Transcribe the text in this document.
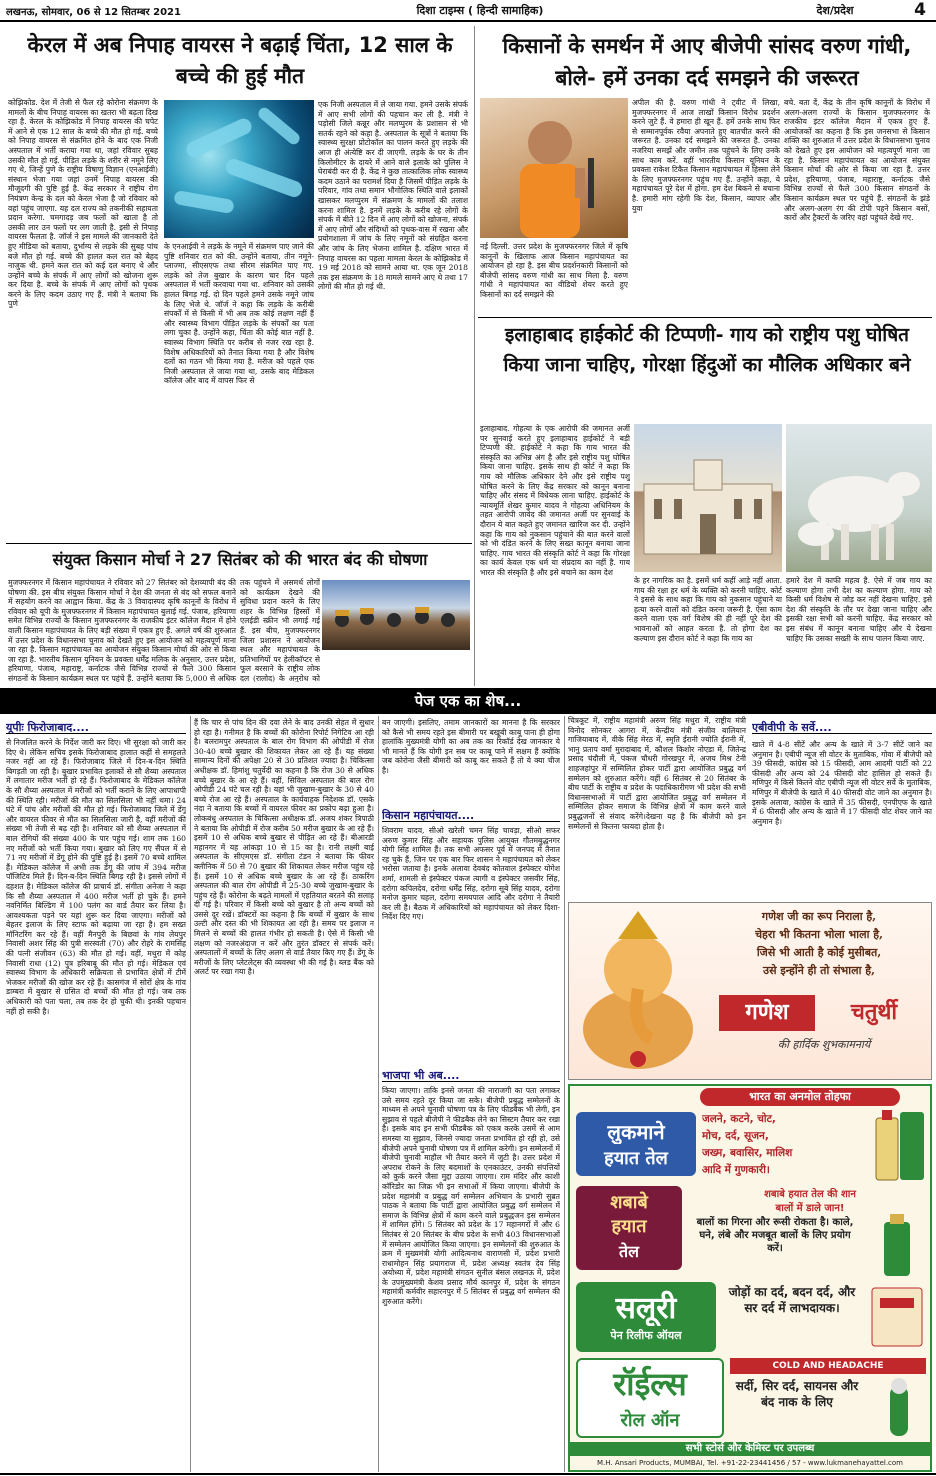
लखनऊ, सोमवार, 06 से 12 सितम्बर 2021	दिशा टाइम्स ( हिन्दी सामाहिक)	देश/प्रदेश	4
केरल में अब निपाह वायरस ने बढ़ाई चिंता, 12 साल के बच्चे की हुई मौत
कोझिकोड. देश में तेजी से फैल रहे कोरोना संक्रमण के मामलों के बीच निपाह वायरस का खतरा भी बढ़ता दिख रहा है. केरल के कोझिकोड में निपाह वायरस की चपेट में आने से एक 12 साल के बच्चे की मौत हो गई. बच्चे को निपाह वायरस से संक्रमित होने के बाद एक निजी अस्पताल में भर्ती कराया गया था, जहां रविवार सुबह उसकी मौत हो गई. पीड़ित लड़के के शरीर से नमूने लिए गए थे, जिन्हें पुणे के राष्ट्रीय विषाणु विज्ञान (एनआईवी) संस्थान भेजा गया जहां उनमें निपाह वायरस की मौजूदगी की पुष्टि हुई है. केंद्र सरकार ने राष्ट्रीय रोग नियंत्रण केन्द्र के दल को केरल भेजा है जो रविवार को वहां पहुंच जाएगा. यह दल राज्य को तकनीकी सहायता प्रदान करेगा. चमगादड़ जब फलों को खाता है तो उसकी लार उन फलों पर लग जाती है. इसी से निपाह वायरस फैलता है. जॉर्ज ने इस मामले की जानकारी देते हुए मीडिया को बताया, दुर्भाग्य से लड़के की सुबह पांच बजे मौत हो गई. बच्चे की हालत कल रात को बेहद नाजुक थी. हमने कल रात को कई दल बनाए थे और उन्होंने बच्चे के संपर्क में आए लोगों को खोजना शुरू कर दिया है. बच्चे के संपर्क में आए लोगों को पृथक करने के लिए कदम उठाए गए हैं. मंत्री ने बताया कि पुणे
के एनआईवी ने लड़के के नमूने में संक्रमण पाए जाने की पुष्टि शनिवार रात को की. उन्होंने बताया, तीन नमूने- प्लाज्मा, सीएसएफ तथा सीरम संक्रमित पाए गए. लड़के को तेज बुखार के कारण चार दिन पहले अस्पताल में भर्ती करवाया गया था. शनिवार को उसकी हालत बिगड़ गई. दो दिन पहले हमने उसके नमूने जांच के लिए भेजे थे. जॉर्ज ने कहा कि लड़के के करीबी संपर्कों में से किसी में भी अब तक कोई लक्षण नहीं हैं और स्वास्थ्य विभाग पीड़ित लड़के के संपर्कों का पता लगा चुका है. उन्होंने कहा, चिंता की कोई बात नहीं है. स्वास्थ्य विभाग स्थिति पर करीब से नजर रख रहा है. विशेष अधिकारियों को तैनात किया गया है और विशेष दलों का गठन भी किया गया है. मरीज को पहले एक निजी अस्पताल ले जाया गया था, उसके बाद मेडिकल कॉलेज और बाद में वापस फिर से
एक निजी अस्पताल में ले जाया गया. हमने उसके संपर्क में आए सभी लोगों की पहचान कर ली है. मंत्री ने पड़ोसी जिले कन्नूर और मलप्पुरम के प्रशासन से भी सतर्क रहने को कहा है. अस्पताल के सूत्रों ने बताया कि स्वास्थ्य सुरक्षा प्रोटोकॉल का पालन करते हुए लड़के की आज ही अंत्येष्टि कर दी जाएगी. लड़के के घर के तीन किलोमीटर के दायरे में आने वाले इलाके को पुलिस ने घेराबंदी कर दी है. केंद्र ने कुछ तात्कालिक लोक स्वास्थ्य कदम उठाने का परामर्श दिया है जिसमें पीड़ित लड़के के परिवार, गांव तथा समान भौगोलिक स्थिति वाले इलाकों खासकर मलप्पुरम में संक्रमण के मामलों की तलाश करना शामिल है. इनमें लड़के के करीब रहे लोगों के संपर्क में बीते 12 दिन में आए लोगों को खोजना, संपर्क में आए लोगों और संदिग्धों को पृथक-वास में रखना और प्रयोगशाला में जांच के लिए नमूनों को संग्रहित करना और जांच के लिए भेजना शामिल है. दक्षिण भारत में निपाह वायरस का पहला मामला केरल के कोझिकोड में 19 मई 2018 को सामने आया था. एक जून 2018 तक इस संक्रमण के 18 मामले सामने आए थे तथा 17 लोगों की मौत हो गई थी.
संयुक्त किसान मोर्चा ने 27 सितंबर को की भारत बंद की घोषणा
मुजफ्फरनगर में किसान महापंचायत ने रविवार को 27 सितंबर को देशव्यापी बंद की घोषणा की. इस बीच संयुक्त किसान मोर्चा ने देश की जनता से बंद को सफल बनाने में सहयोग करने का आह्वान किया. केंद्र के 3 विवादास्पद कृषि कानूनों के विरोध में रविवार को यूपी के मुजफ्फरनगर में किसान महापंचायत बुलाई गई. पंजाब, हरियाणा समेत विभिन्न राज्यों के किसान मुजफ्फरनगर के राजकीय इंटर कॉलेज मैदान में होने वाली किसान महापंचायत के लिए बड़ी संख्या में एकत्र हुए हैं. अगले वर्ष की शुरुआत में उत्तर प्रदेश के विधानसभा चुनाव को देखते हुए इस आयोजन को महत्वपूर्ण माना जा रहा है. किसान महापंचायत का आयोजन संयुक्त किसान मोर्चा की ओर से किया जा रहा है. भारतीय किसान यूनियन के प्रवक्ता धर्मेंद्र मलिक के अनुसार, उत्तर प्रदेश, हरियाणा, पंजाब, महाराष्ट्र, कर्नाटक जैसे विभिन्न राज्यों से फैले 300 किसान संगठनों के किसान कार्यक्रम स्थल पर पहुंचे हैं. उन्होंने बताया कि 5,000 से अधिक
तक पहुंचने में असमर्थ लोगों को कार्यक्रम देखने की सुविधा प्रदान करने के लिए शहर के विभिन्न हिस्सों में एलईडी स्क्रीन भी लगाई गई हैं. इस बीच, मुजफ्फरनगर जिला प्रशासन ने आयोजन स्थल और महापंचायत के प्रतिभागियों पर हेलीकॉप्टर से फूल बरसाने के राष्ट्रीय लोक दल (रालोद) के अनुरोध को
किसानों के समर्थन में आए बीजेपी सांसद वरुण गांधी, बोले- हमें उनका दर्द समझने की जरूरत
नई दिल्ली. उत्तर प्रदेश के मुजफ्फरनगर जिले में कृषि कानूनों के खिलाफ आज किसान महापंचायत का आयोजन हो रहा है. इस बीच प्रदर्शनकारी किसानों को बीजेपी सांसद वरुण गांधी का साथ मिला है. वरुण गांधी ने महापंचायत का वीडियो शेयर करते हुए किसानों का दर्द समझने की
अपील की है. वरुण गांधी ने ट्वीट में लिखा, मुजफ्फरनगर में आज लाखों किसान विरोध प्रदर्शन करने जुटे हैं. वे हमारा ही खून हैं. हमें उनके साथ फिर से सम्मानपूर्वक रवैया अपनाते हुए बातचीत करने की जरूरत है. उनका दर्द समझने की जरूरत है. उनका नजरिया समझें और जमीन तक पहुंचने के लिए उनके साथ काम करें. वहीं भारतीय किसान यूनियन के प्रवक्ता राकेश टिकैत किसान महापंचायत में हिस्सा लेने के लिए मुजफ्फरनगर पहुंच गए हैं. उन्होंने कहा, ये महापंचायत पूरे देश में होगा. हम देश बिकने से बचाना है. हमारी मांग रहेगी कि देश, किसान, व्यापार और युवा
बचे. बता दें, केंद्र के तीन कृषि कानूनों के विरोध में अलग-अलग राज्यों के किसान मुजफ्फरनगर के राजकीय इंटर कॉलेज मैदान में एकत्र हुए हैं. आयोजकों का कहना है कि इस जनसभा से किसान शक्ति का शुरुआत में उत्तर प्रदेश के विधानसभा चुनाव को देखते हुए इस आयोजन को महत्वपूर्ण माना जा रहा है. किसान महापंचायत का आयोजन संयुक्त किसान मोर्चा की ओर से किया जा रहा है. उत्तर प्रदेश, हरियाणा, पंजाब, महाराष्ट्र, कर्नाटक जैसे विभिन्न राज्यों से फैले 300 किसान संगठनों के किसान कार्यक्रम स्थल पर पहुंचे हैं. संगठनों के झंडे और अलग-अलग रंग की टोपी पहने किसान बसों, कारों और ट्रैक्टरों के जरिए वहां पहुंचते देखे गए.
इलाहाबाद हाईकोर्ट की टिप्पणी- गाय को राष्ट्रीय पशु घोषित किया जाना चाहिए, गोरक्षा हिंदुओं का मौलिक अधिकार बने
इलाहाबाद. गोहत्या के एक आरोपी की जमानत अर्जी पर सुनवाई करते हुए इलाहाबाद हाईकोर्ट ने बड़ी टिप्पणी की. हाईकोर्ट ने कहा कि गाय भारत की संस्कृति का अभिन्न अंग है और इसे राष्ट्रीय पशु घोषित किया जाना चाहिए. इसके साथ ही कोर्ट ने कहा कि गाय को मौलिक अधिकार देने और इसे राष्ट्रीय पशु घोषित करने के लिए केंद्र सरकार को कानून बनाना चाहिए और संसद में विधेयक लाना चाहिए. हाईकोर्ट के न्यायमूर्ति शेखर कुमार यादव ने गोहत्या अधिनियम के तहत आरोपी जावेद की जमानत अर्जी पर सुनवाई के दौरान ये बात कहते हुए जमानत खारिज कर दी. उन्होंने कहा कि गाय को नुकसान पहुंचाने की बात करने वालों को भी दंडित करने के लिए सख्त कानून बनाया जाना चाहिए. गाय भारत की संस्कृति कोर्ट ने कहा कि गोरक्षा का कार्य केवल एक धर्म या संप्रदाय का नहीं है. गाय भारत की संस्कृति है और इसे बचाने का काम देश
के हर नागरिक का है. इसमें धर्म कहीं आड़े नहीं आता. गाय की रक्षा हर धर्म के व्यक्ति को करनी चाहिए. कोर्ट ने इससे के साथ कहा कि गाय को नुकसान पहुंचाने या हत्या करने वालों को दंडित करना जरूरी है. ऐसा काम करने वाला एक वर्ग विशेष की ही नहीं पूरे देश की भावनाओं को आहत करता है. तो होगा देश का कल्याण इस दौरान कोर्ट ने कहा कि गाय का
हमारे देश में काफी महत्व है. ऐसे में जब गाय का कल्याण होगा तभी देश का कल्याण होगा. गाय को किसी धर्म विशेष से जोड़ कर नहीं देखना चाहिए. इसे देश की संस्कृति के तौर पर देखा जाना चाहिए और इसकी रक्षा सभी को करनी चाहिए. केंद्र सरकार को इस संबंध में कानून बनाना चाहिए और ये देखना चाहिए कि उसका सख्ती के साथ पालन किया जाए.
पेज एक का शेष...
यूपीः फिरोजाबाद....
से निजलित करने के निर्देश जारी कर दिए। भी सुरक्षा को जारी कर दिए थे। लेकिन सचिव इसके फिरोजाबाद हालात कहीं से समहलते नजर नहीं आ रहे हैं। फिरोजाबाद जिले में दिन-ब-दिन स्थिति बिगड़ती जा रही है। बुखार प्रभावित इलाकों से सौ शैय्या अस्पताल में लगातार मरीज भर्ती हो रहे हैं। फिरोजाबाद के मेडिकल कॉलेज के सौ शैय्या अस्पताल में मरीजों को भर्ती कराने के लिए आपाधापी की स्थिति रही। मरीजों की मौत का सिलसिला भी नहीं थमा। 24 घंटे में पांच और मरीजों की मौत हो गई। फिरोजाबाद जिले में डेंगू और वायरल फीवर से मौत का सिलसिला जारी है, वहीं मरीजों की संख्या भी तेजी से बढ़ रही है। शनिवार को सौ शैय्या अस्पताल में बाल रोगियों की संख्या 400 के पार पहुंच गई। शाम तक 160 नए मरीजों को भर्ती किया गया। बुखार को लिए गए सैंपल में से 71 नए मरीजों में डेंगू होने की पुष्टि हुई है। इसमें 70 बच्चे शामिल हैं। मेडिकल कॉलेज में अभी तक डेंगू की जांच में 394 मरीज पॉजिटिव मिले हैं। दिन-ब-दिन स्थिति बिगड़ रही है। इससे लोगों में दहशत है। मेडिकल कॉलेज की प्राचार्य डॉ. संगीता अनेजा ने कहा कि सौ शैय्या अस्पताल में 400 मरीज भर्ती हो चुके हैं। हमने नवनिर्मित बिल्डिंग में 100 पलंग का वार्ड तैयार कर लिया है। आवश्यकता पड़ने पर यहां शुरू कर दिया जाएगा। मरीजों को बेहतर इलाज के लिए स्टाफ को बढ़ाया जा रहा है। हम सख्त मॉनिटरिंग कर रहे हैं। वहीं मैनपुरी के बिछवां के गांव लेयपुर निवासी अशर सिंह की पुत्री सरस्वती (70) और रोहरे के रामसिंह की पत्नी संजीवन (63) की मौत हो गई। वहीं, मथुरा में कोह निवासी राधा (12) पुत्र हरिबाबू की मौत हो गई। मेडिकल एवं स्वास्थ्य विभाग के अधिकारी सक्रियता से प्रभावित क्षेत्रों में टीमें भेजकर मरीजों की खोज कर रहे हैं। कासगंज में सोरों क्षेत्र के गांव डाम्बरा में बुखार से ग्रसित दो बच्चों की मौत हो गई। जब तक अधिकारी को पता चला, तब तक देर हो चुकी थी। इनकी पहचान नहीं हो सकी है।
हैं कि चार से पांच दिन की दवा लेने के बाद उनकी सेहत में सुधार हो रहा है। गनीमत है कि बच्चों की कोरोना रिपोर्ट निगेटिव आ रही है। बलरामपुर अस्पताल के बाल रोग विभाग की ओपीडी में रोज 30-40 बच्चे बुखार की शिकायत लेकर आ रहे हैं। यह संख्या सामान्य दिनों की अपेक्षा 20 से 30 प्रतिशत ज्यादा है। चिकित्सा अधीक्षक डॉ. हिमांशु चतुर्वेदी का कहना है कि रोज 30 से अधिक बच्चे बुखार के आ रहे हैं। वहीं, सिविल अस्पताल की बाल रोग ओपीडी 24 घंटे चल रही है। यहां भी जुखाम-बुखार के 30 से 40 बच्चे रोज आ रहे हैं। अस्पताल के कार्यवाहक निदेशक डॉ. एसके नंदा ने बताया कि बच्चों में वायरल फीवर का प्रकोप बढ़ा हुआ है। लोकबंधु अस्पताल के चिकित्सा अधीक्षक डॉ. अजय शंकर त्रिपाठी ने बताया कि ओपीडी में रोज करीब 50 मरीज बुखार के आ रहे हैं। इसमें 10 से अधिक बच्चे बुखार से पीड़ित आ रहे हैं। बीआरडी महानगर में यह आंकड़ा 10 से 15 का है। रानी लक्ष्मी बाई अस्पताल के सीएमएस डॉ. संगीता टंडन ने बताया कि फीवर क्लीनिक में 50 से 70 बुखार की शिकायत लेकर मरीज पहुंच रहे हैं। इसमें 10 से अधिक बच्चे बुखार के आ रहे हैं। ठाकरिंग अस्पताल की बाल रोग ओपीडी में 25-30 बच्चे जुखाम-बुखार के पहुंच रहे हैं। कोरोना के बढ़ते मामलों में एहतियात बरतने की सलाह दी गई है। परिवार में किसी बच्चे को बुखार है तो अन्य बच्चों को उससे दूर रखें। डॉक्टरों का कहना है कि बच्चों में बुखार के साथ उल्टी और दस्त की भी शिकायत आ रही है। समय पर इलाज न मिलने से बच्चों की हालत गंभीर हो सकती है। ऐसे में किसी भी लक्षण को नजरअंदाज न करें और तुरंत डॉक्टर से संपर्क करें। अस्पतालों में बच्चों के लिए अलग से वार्ड तैयार किए गए हैं। डेंगू के मरीजों के लिए प्लेटलेट्स की व्यवस्था भी की गई है। ब्लड बैंक को अलर्ट पर रखा गया है।
बन जाएगी। इसलिए, तमाम जानकारों का मानना है कि सरकार को कैसे भी समय रहते इस बीमारी पर बखूबी काबू पाना ही होगा हालांकि मुख्यमंत्री योगी का अब तक का रिकॉर्ड देख जानकार ये भी मानते हैं कि योगी इन सब पर काबू पाने में सक्षम हैं क्योंकि जब कोरोना जैसी बीमारी को काबू कर सकते हैं तो ये क्या चीज है।
किसान महापंचायत....
शिवराम यादव, सीओ खरेली चमन सिंह चावड़ा, सीओ सफर अरुण कुमार सिंह और सहायक पुलिस आयुक्त गौतमबुद्धनगर योगी सिंह शामिल हैं। तक सभी अफसर पूर्व में जनपद में तैनात रह चुके हैं, जिन पर एक बार फिर शासन ने महापंचायत को लेकर भरोसा जताया है। इनके अलावा देवबंद कोतवाल इंस्पेक्टर योगेश शर्मा, शामली से इंस्पेक्टर पंकज त्यागी व इंस्पेक्टर जसवीर सिंह, दरोगा कपिलदेव, दरोगा धर्मेंद्र सिंह, दरोगा सूबे सिंह यादव, दरोगा मनोज कुमार चहल, दरोगा समयपाल आदि और दरोगा ने तैयारी कर ली है। बैठक में अधिकारियों को महापंचायत को लेकर दिशा-निर्देश दिए गए।
भाजपा भी अब....
किया जाएगा। ताकि इनसे जनता की नाराजगी का पता लगाकर उसे समय रहते दूर किया जा सके। बीजेपी प्रबुद्ध सम्मेलनों के माध्यम से अपने चुनावी घोषणा पत्र के लिए फीडबैक भी लेगी, इन सुझाव से पहले बीजेपी ने फीडबैक लेने का सिस्टम तैयार कर रखा है। इसके बाद इन सभी फीडबैक को एकत्र करके उसमें से आम समस्या या सुझाव, जिनसे ज्यादा जनता प्रभावित हो रही हो, उसे बीजेपी अपने चुनावी घोषणा पत्र में शामिल करेगी। इन सम्मेलनों में बीजेपी चुनावी माहौल भी तैयार करने में जुटी है। उत्तर प्रदेश में अपराध रोकने के लिए बदमाशों के एनकाउंटर, उनकी संपत्तियों को कुर्क करने जैसा मुद्दा उठाया जाएगा। राम मंदिर और काशी कॉरिडोर का जिक्र भी इन सभाओं में किया जाएगा। बीजेपी के प्रदेश महामंत्री व प्रबुद्ध वर्ग सम्मेलन अभियान के प्रभारी सुब्रत पाठक ने बताया कि पार्टी द्वारा आयोजित प्रबुद्ध वर्ग सम्मेलन में समाज के विभिन्न क्षेत्रों में काम करने वाले प्रबुद्धजन इस सम्मेलन में शामिल होंगे। 5 सितंबर को प्रदेश के 17 महानगरों में और 6 सितंबर से 20 सितंबर के बीच प्रदेश के सभी 403 विधानसभाओं में सम्मेलन आयोजित किया जाएगा। इन सम्मेलनों की शुरुआत के क्रम में मुख्यमंत्री योगी आदित्यनाथ वाराणसी में, प्रदेश प्रभारी राधामोहन सिंह प्रयागराज में, प्रदेश अध्यक्ष स्वतंत्र देव सिंह अयोध्या में, प्रदेश महामंत्री संगठन सुनील बंसल लखनऊ में, प्रदेश के उपमुख्यमंत्री केशव प्रसाद मौर्य कानपुर में, प्रदेश के संगठन महामंत्री कर्मवीर सहारनपुर में 5 सितंबर से प्रबुद्ध वर्ग सम्मेलन की शुरुआत करेंगे।
चित्रकूट में, राष्ट्रीय महामंत्री अरुण सिंह मथुरा में, राष्ट्रीय मंत्री विनोद सोनकर आगरा में, केन्द्रीय मंत्री संजीव बालियान गाजियाबाद में, वीके सिंह मेरठ में, स्मृति ईरानी ज्योति ईरानी में, भानु प्रताप वर्मा मुरादाबाद में, कौशल किशोर नोएडा में, जितेन्द्र प्रसाद चंदौली में, पंकज चौधरी गोरखपुर में, अजय मिश्र टेनी शाहजहांपुर में सम्मिलित होकर पार्टी द्वारा आयोजित प्रबुद्ध वर्ग सम्मेलन को शुरुआत करेंगे। वहीं 6 सितंबर से 20 सितंबर के बीच पार्टी के राष्ट्रीय व प्रदेश के पदाधिकारीगण भी प्रदेश की सभी विधानसभाओं में पार्टी द्वारा आयोजित प्रबुद्ध वर्ग सम्मेलन में सम्मिलित होकर समाज के विभिन्न क्षेत्रों में काम करने वाले प्रबुद्धजनों से संवाद करेंगे।देखना यह है कि बीजेपी को इन सम्मेलनों से कितना फायदा होता है।
एबीवीपी के सर्वे....
खाते में 4-8 सीटें और अन्य के खाते में 3-7 सीटें जाने का अनुमान है। एबीपी न्यूज सी वोटर के मुताबिक, गोवा में बीजेपी को 39 फीसदी, कांग्रेस को 15 फीसदी, आम आदमी पार्टी को 22 फीसदी और अन्य को 24 फीसदी वोट हासिल हो सकते हैं। मणिपुर में किसे कितने वोट एबीपी न्यूज सी वोटर सर्वे के मुताबिक, मणिपुर में बीजेपी के खाते में 40 फीसदी वोट जाने का अनुमान है। इसके अलावा, कांग्रेस के खाते में 35 फीसदी, एनपीएफ के खाते में 6 फीसदी और अन्य के खाते में 17 फीसदी वोट शेयर जाने का अनुमान है।
गणेश जी का रूप निराला है,
चेहरा भी कितना भोला भाला है,
जिसे भी आती है कोई मुसीबत,
उसे इन्होंने ही तो संभाला है,
गणेश	चतुर्थी
की हार्दिक शुभकामनायें
भारत का अनमोल तोहफा
लुकमाने
हयात तेल
जलने, कटने, चोट,
मोच, दर्द, सूजन,
जख्म, बवासिर, मालिश
आदि में गुणकारी।
शबाबे हयात तेल की शान
बालों में डाले जान!
शबाबे
हयात
तेल
बालों का गिरना और रूसी रोकता है। काले, घने, लंबे और मजबूत बालों के लिए प्रयोग करें।
सलूरी
पेन रिलीफ ऑयल
जोड़ों का दर्द, बदन दर्द, और सर दर्द में लाभदायक।
COLD AND HEADACHE
रॉईल्स
रोल ऑन
सर्दी, सिर दर्द, सायनस और बंद नाक के लिए
सभी स्टोर्स और केमिस्ट पर उपलब्ध
M.H. Ansari Products, MUMBAI, Tel. +91-22-23441456 / 57 - www.lukmanehayattel.com
